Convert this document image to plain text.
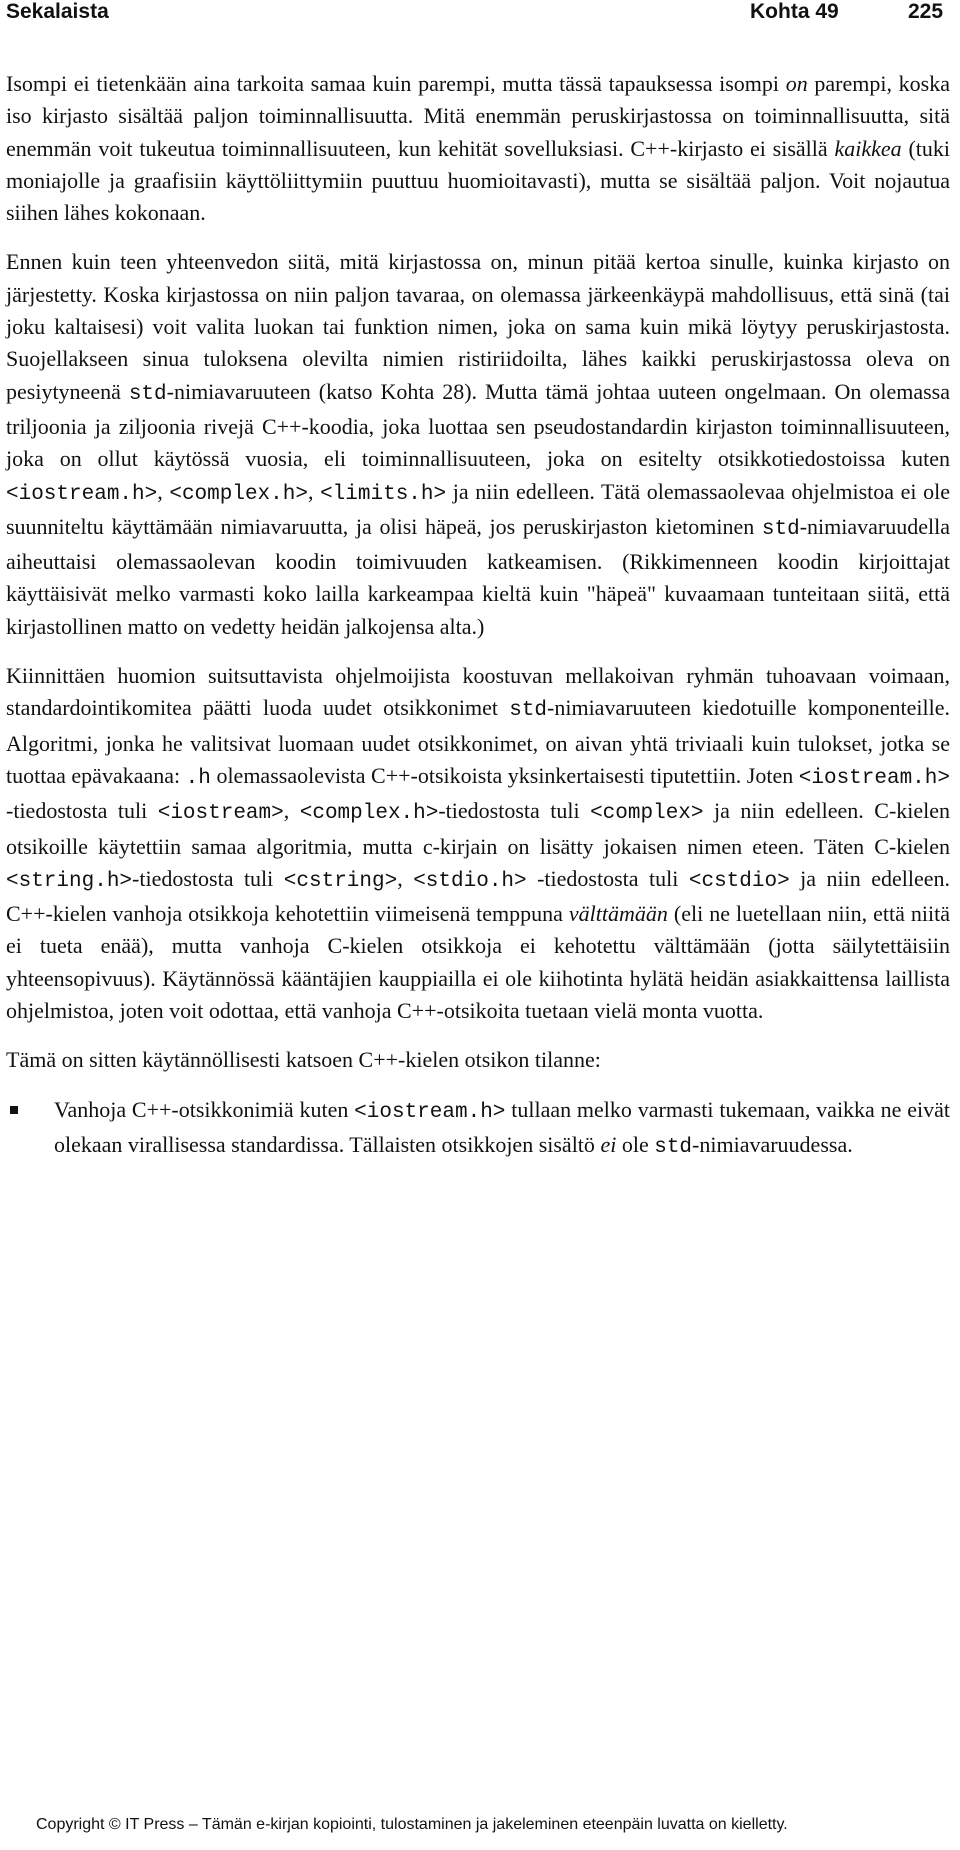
Sekalaista	Kohta 49	225

Isompi ei tietenkään aina tarkoita samaa kuin parempi, mutta tässä tapauksessa isompi on parempi, koska iso kirjasto sisältää paljon toiminnallisuutta. Mitä enemmän peruskirjastossa on toiminnallisuutta, sitä enemmän voit tukeutua toiminnallisuuteen, kun kehität sovelluksiasi. C++-kirjasto ei sisällä kaikkea (tuki moniajolle ja graafisiin käyttöliittymiin puuttuu huomioitavasti), mutta se sisältää paljon. Voit nojautua siihen lähes kokonaan.

Ennen kuin teen yhteenvedon siitä, mitä kirjastossa on, minun pitää kertoa sinulle, kuinka kirjasto on järjestetty. Koska kirjastossa on niin paljon tavaraa, on olemassa järkeenkäypä mahdollisuus, että sinä (tai joku kaltaisesi) voit valita luokan tai funktion nimen, joka on sama kuin mikä löytyy peruskirjastosta. Suojellakseen sinua tuloksena olevilta nimien ristiriidoilta, lähes kaikki peruskirjastossa oleva on pesiytyneenä std-nimiavaruuteen (katso Kohta 28). Mutta tämä johtaa uuteen ongelmaan. On olemassa triljoonia ja ziljoonia rivejä C++-koodia, joka luottaa sen pseudostandardin kirjaston toiminnallisuuteen, joka on ollut käytössä vuosia, eli toiminnallisuuteen, joka on esitelty otsikkotiedostoissa kuten <iostream.h>, <complex.h>, <limits.h> ja niin edelleen. Tätä olemassaolevaa ohjelmistoa ei ole suunniteltu käyttämään nimiavaruutta, ja olisi häpeä, jos peruskirjaston kietominen std-nimiavaruudella aiheuttaisi olemassaolevan koodin toimivuuden katkeamisen. (Rikkimenneen koodin kirjoittajat käyttäisivät melko varmasti koko lailla karkeampaa kieltä kuin "häpeä" kuvaamaan tunteitaan siitä, että kirjastollinen matto on vedetty heidän jalkojensa alta.)

Kiinnittäen huomion suitsuttavista ohjelmoijista koostuvan mellakoivan ryhmän tuhoavaan voimaan, standardointikomitea päätti luoda uudet otsikkonimet std-nimiavaruuteen kiedotuille komponenteille. Algoritmi, jonka he valitsivat luomaan uudet otsikkonimet, on aivan yhtä triviaali kuin tulokset, jotka se tuottaa epävakaana: .h olemassaolevista C++-otsikoista yksinkertaisesti tiputettiin. Joten <iostream.h> -tiedostosta tuli <iostream>, <complex.h>-tiedostosta tuli <complex> ja niin edelleen. C-kielen otsikoille käytettiin samaa algoritmia, mutta c-kirjain on lisätty jokaisen nimen eteen. Täten C-kielen <string.h>-tiedostosta tuli <cstring>, <stdio.h> -tiedostosta tuli <cstdio> ja niin edelleen. C++-kielen vanhoja otsikkoja kehotettiin viimeisenä temppuna välttämään (eli ne luetellaan niin, että niitä ei tueta enää), mutta vanhoja C-kielen otsikkoja ei kehotettu välttämään (jotta säilytettäisiin yhteensopivuus). Käytännössä kääntäjien kauppiailla ei ole kiihotinta hylätä heidän asiakkaittensa laillista ohjelmistoa, joten voit odottaa, että vanhoja C++-otsikoita tuetaan vielä monta vuotta.

Tämä on sitten käytännöllisesti katsoen C++-kielen otsikon tilanne:

Vanhoja C++-otsikkonimiä kuten <iostream.h> tullaan melko varmasti tukemaan, vaikka ne eivät olekaan virallisessa standardissa. Tällaisten otsikkojen sisältö ei ole std-nimiavaruudessa.
Copyright © IT Press – Tämän e-kirjan kopiointi, tulostaminen ja jakeleminen eteenpäin luvatta on kielletty.
